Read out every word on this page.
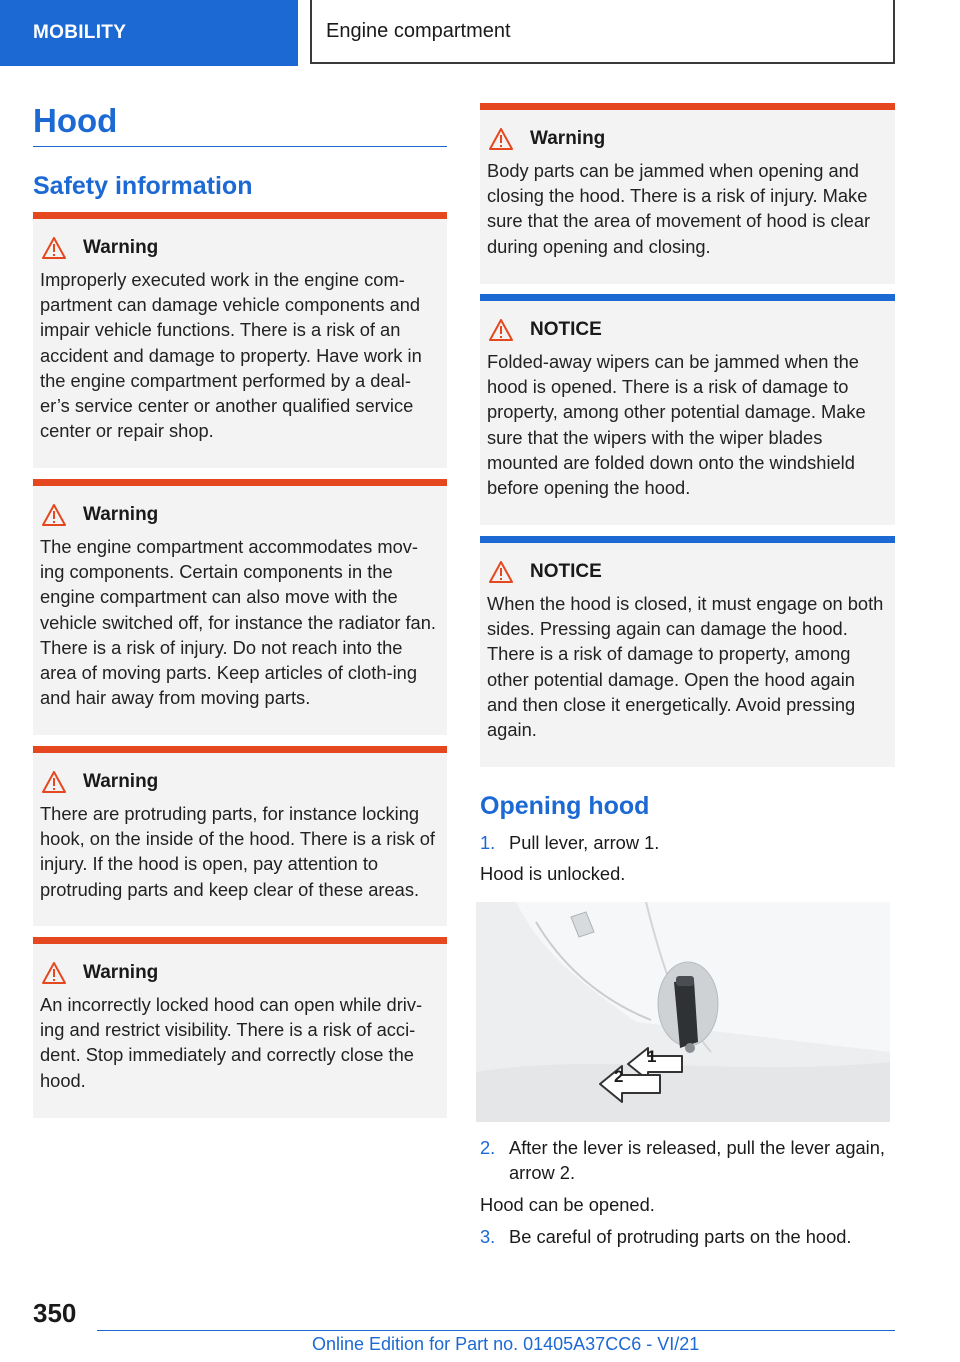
MOBILITY	Engine compartment
Hood
Safety information
Warning
Improperly executed work in the engine com-partment can damage vehicle components and impair vehicle functions. There is a risk of an accident and damage to property. Have work in the engine compartment performed by a deal-er’s service center or another qualified service center or repair shop.
Warning
The engine compartment accommodates mov-ing components. Certain components in the engine compartment can also move with the vehicle switched off, for instance the radiator fan. There is a risk of injury. Do not reach into the area of moving parts. Keep articles of cloth-ing and hair away from moving parts.
Warning
There are protruding parts, for instance locking hook, on the inside of the hood. There is a risk of injury. If the hood is open, pay attention to protruding parts and keep clear of these areas.
Warning
An incorrectly locked hood can open while driv-ing and restrict visibility. There is a risk of acci-dent. Stop immediately and correctly close the hood.
Warning
Body parts can be jammed when opening and closing the hood. There is a risk of injury. Make sure that the area of movement of hood is clear during opening and closing.
NOTICE
Folded-away wipers can be jammed when the hood is opened. There is a risk of damage to property, among other potential damage. Make sure that the wipers with the wiper blades mounted are folded down onto the windshield before opening the hood.
NOTICE
When the hood is closed, it must engage on both sides. Pressing again can damage the hood. There is a risk of damage to property, among other potential damage. Open the hood again and then close it energetically. Avoid pressing again.
Opening hood
1. Pull lever, arrow 1.
Hood is unlocked.
1
2
2. After the lever is released, pull the lever again, arrow 2.
Hood can be opened.
3. Be careful of protruding parts on the hood.
350
Online Edition for Part no. 01405A37CC6 - VI/21
